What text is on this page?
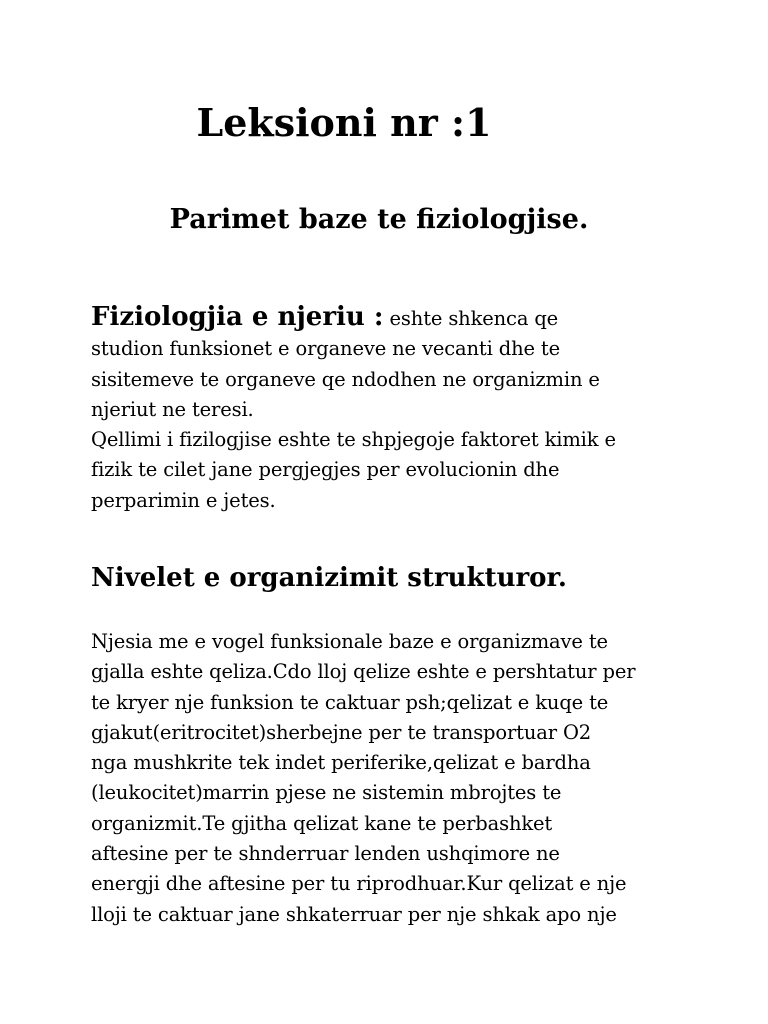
Leksioni nr :1
Parimet baze te fiziologjise.
Fiziologjia e njeriu : eshte shkenca qe
studion funksionet e organeve ne vecanti dhe te
sisitemeve te organeve qe ndodhen ne organizmin e
njeriut ne teresi.
Qellimi i fizilogjise eshte te shpjegoje faktoret kimik e
fizik te cilet jane pergjegjes per evolucionin dhe
perparimin e jetes.
Nivelet e organizimit strukturor.
Njesia me e vogel funksionale baze e organizmave te
gjalla eshte qeliza.Cdo lloj qelize eshte e pershtatur per
te kryer nje funksion te caktuar psh;qelizat e kuqe te
gjakut(eritrocitet)sherbejne per te transportuar O2
nga mushkrite tek indet periferike,qelizat e bardha
(leukocitet)marrin pjese ne sistemin mbrojtes te
organizmit.Te gjitha qelizat kane te perbashket
aftesine per te shnderruar lenden ushqimore ne
energji dhe aftesine per tu riprodhuar.Kur qelizat e nje
lloji te caktuar jane shkaterruar per nje shkak apo nje
